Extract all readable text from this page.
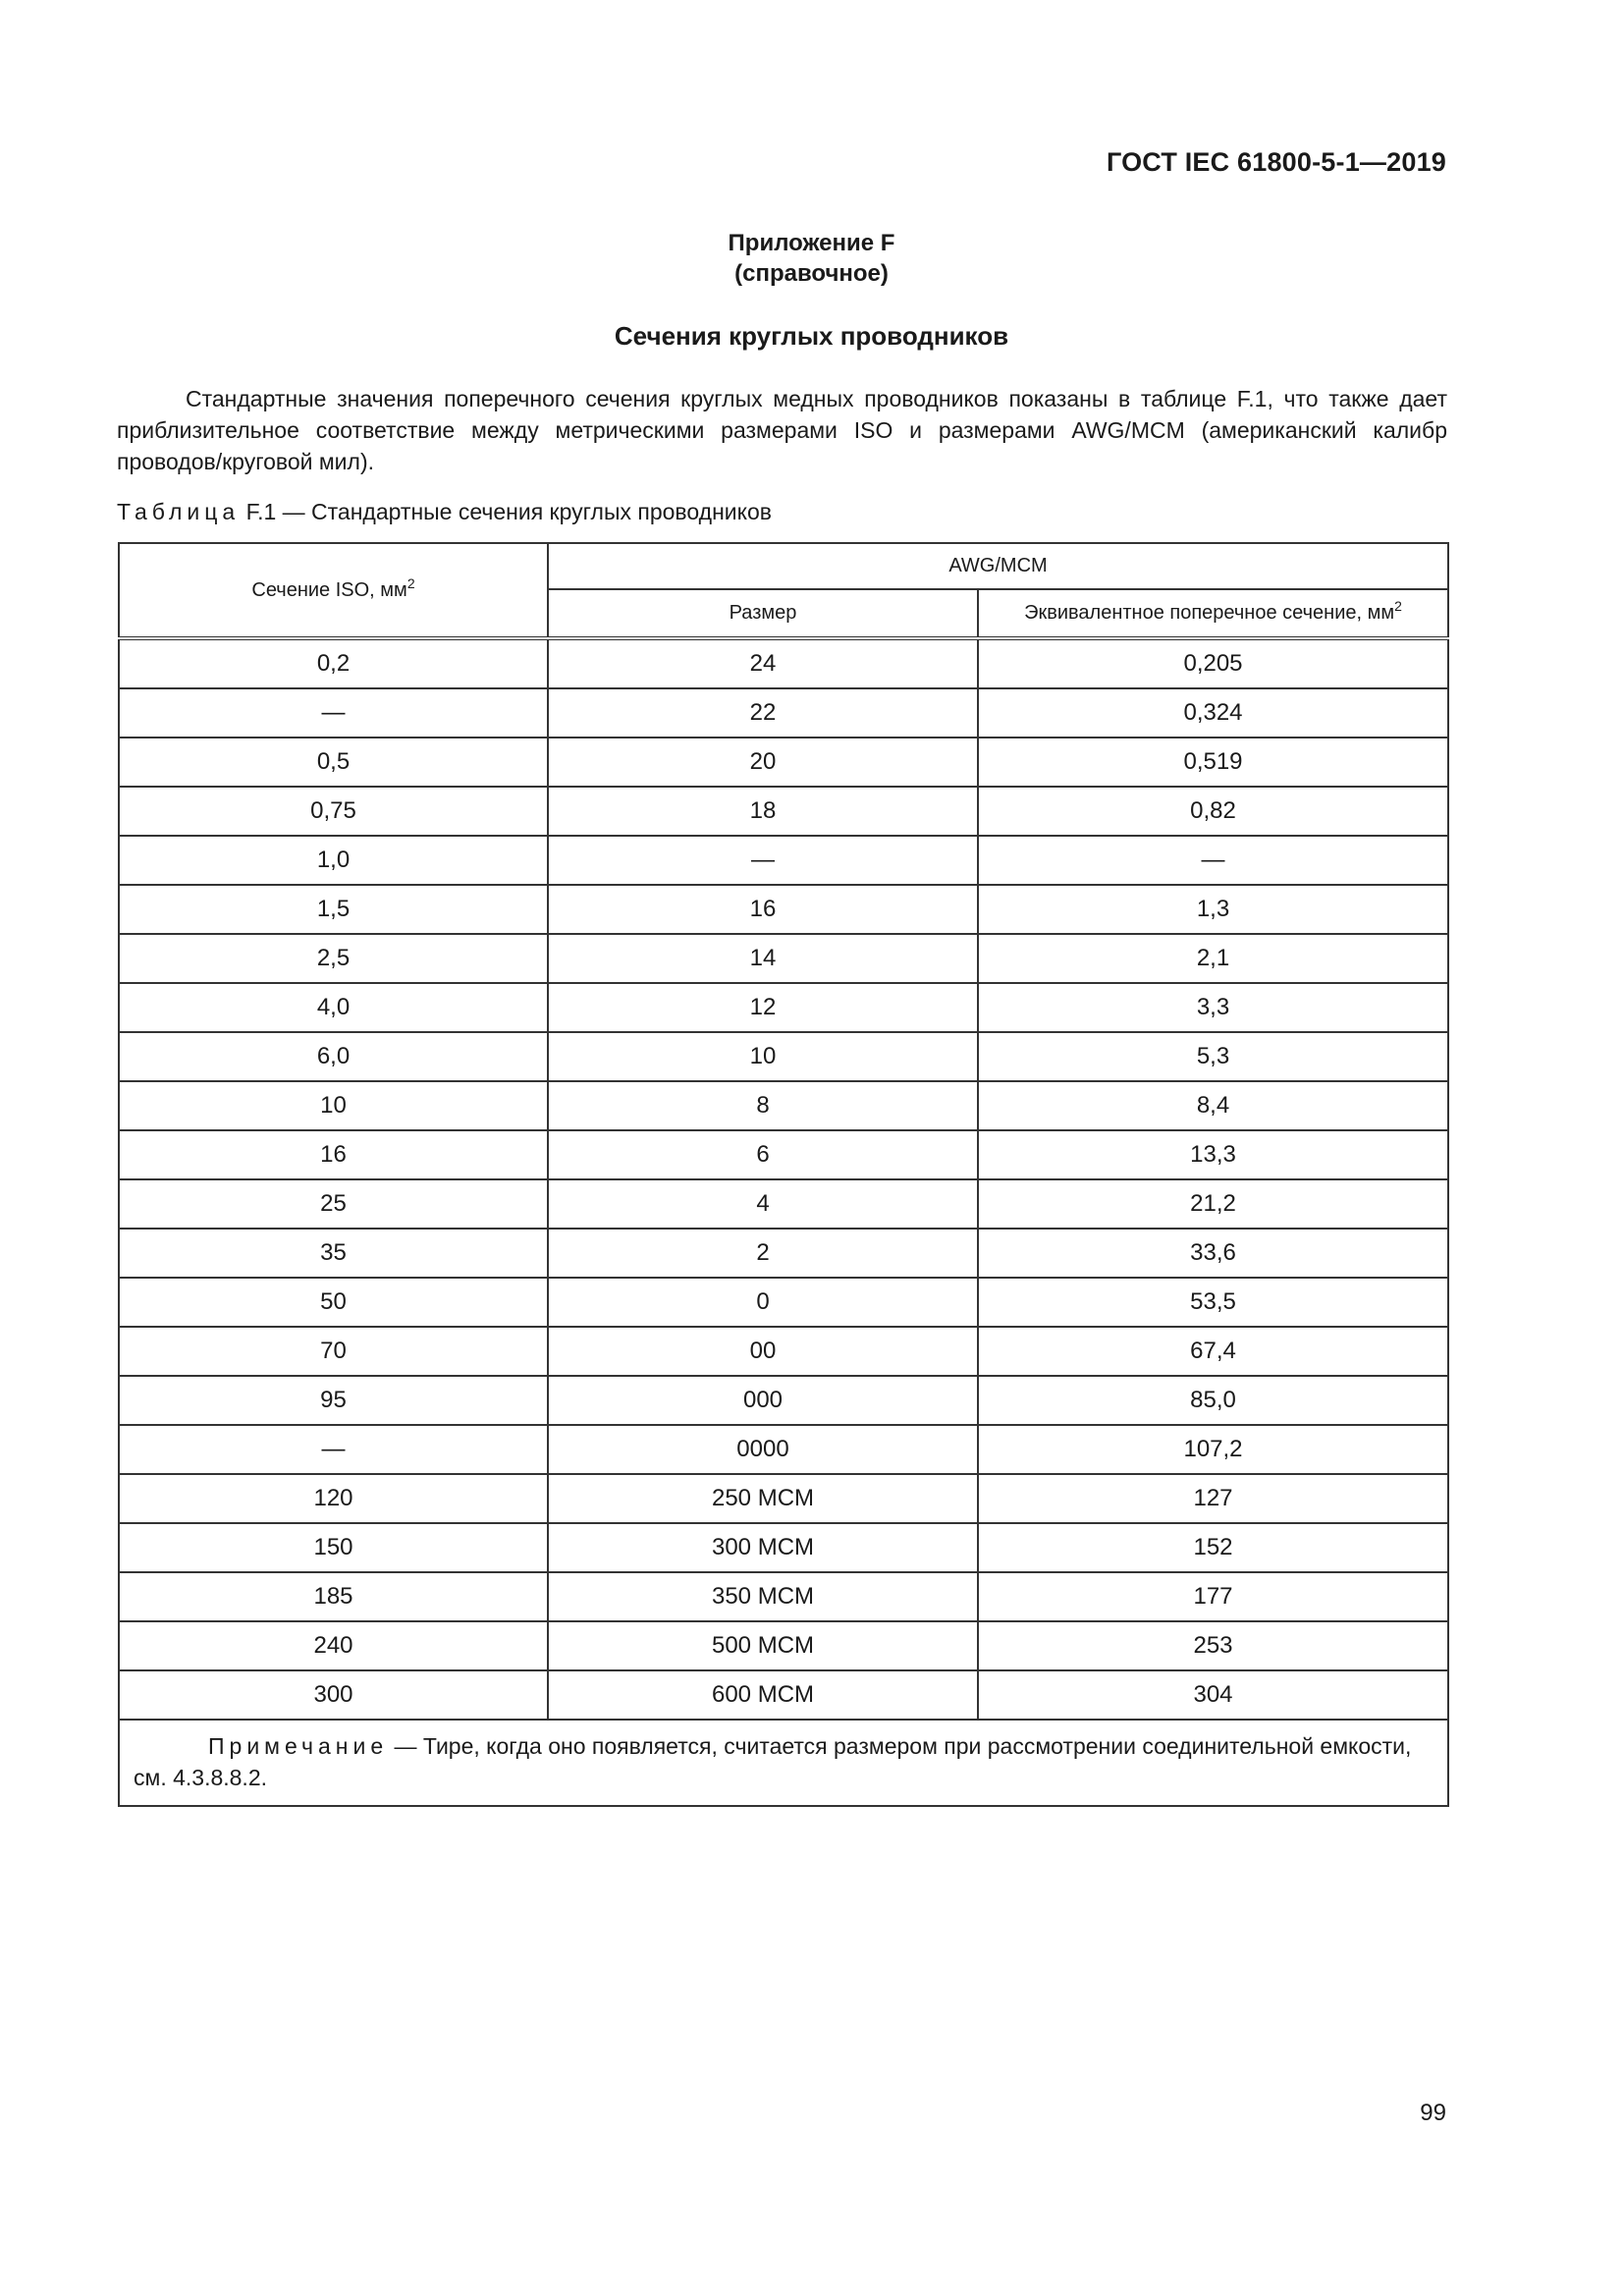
ГОСТ IEC 61800-5-1—2019
Приложение F
(справочное)
Сечения круглых проводников

Стандартные значения поперечного сечения круглых медных проводников показаны в таблице F.1, что также дает приблизительное соответствие между метрическими размерами ISO и размерами AWG/MCM (американский калибр проводов/круговой мил).

Таблица F.1 — Стандартные сечения круглых проводников
Сечение ISO, $мм^2$	AWG/MCM	
	Размер	Эквивалентное поперечное сечение, $мм^2$
0,2	24	0,205
—	22	0,324
0,5	20	0,519
0,75	18	0,82
1,0	—	—
1,5	16	1,3
2,5	14	2,1
4,0	12	3,3
6,0	10	5,3
10	8	8,4
16	6	13,3
25	4	21,2
35	2	33,6
50	0	53,5
70	00	67,4
95	000	85,0
—	0000	107,2
120	250 MCM	127
150	300 MCM	152
185	350 MCM	177
240	500 MCM	253
300	600 MCM	304
Примечание — Тире, когда оно появляется, считается размером при рассмотрении соединительной емкости, см. 4.3.8.8.2.		
99
